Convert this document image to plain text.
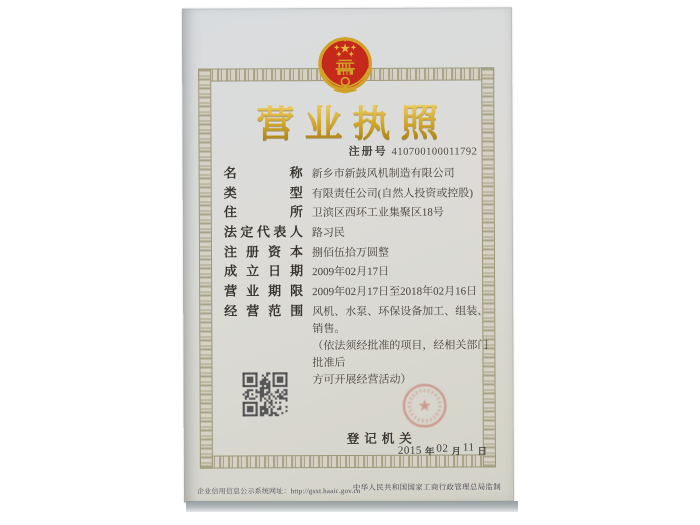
营业执照
注册号 410700100011792
名称 新乡市新鼓风机制造有限公司
类型 有限责任公司(自然人投资或控股)
住所 卫滨区西环工业集聚区18号
法定代表人 路习民
注册资本 捌佰伍拾万圆整
成立日期 2009年02月17日
营业期限 2009年02月17日至2018年02月16日
经营范围 风机、水泵、环保设备加工、组装、销售。
（依法须经批准的项目，经相关部门批准后
方可开展经营活动）
登记机关
2015 年 02 月 11 日
企业信用信息公示系统网址：http://gsxt.haaic.gov.cn
中华人民共和国国家工商行政管理总局监制
